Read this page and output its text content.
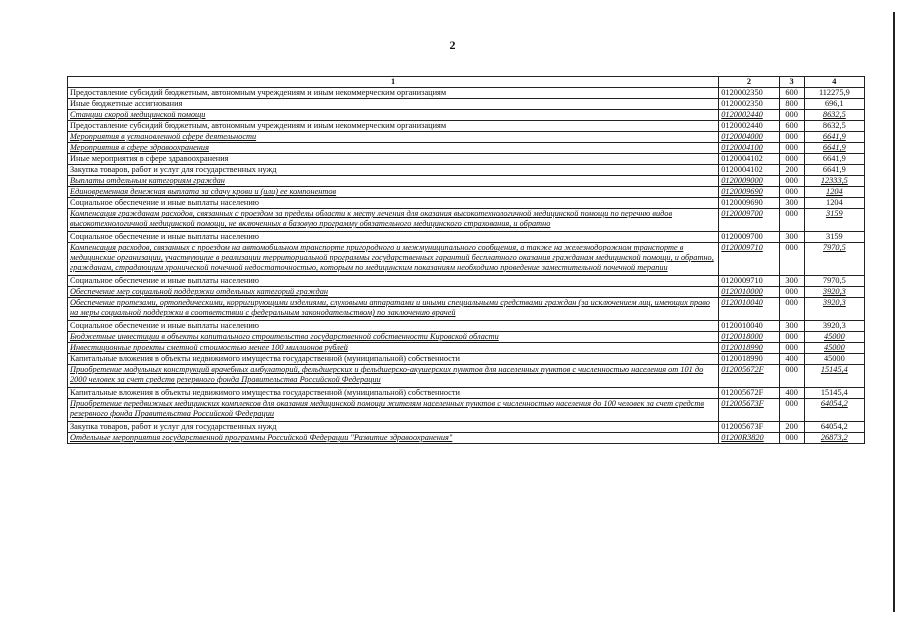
2
1	2	3	4
Предоставление субсидий бюджетным, автономным учреждениям и иным некоммерческим организациям	0120002350	600	112275,9
Иные бюджетные ассигнования	0120002350	800	696,1
Станции скорой медицинской помощи	0120002440	000	8632,5
Предоставление субсидий бюджетным, автономным учреждениям и иным некоммерческим организациям	0120002440	600	8632,5
Мероприятия в установленной сфере деятельности	0120004000	000	6641,9
Мероприятия в сфере здравоохранения	0120004100	000	6641,9
Иные мероприятия в сфере здравоохранения	0120004102	000	6641,9
Закупка товаров, работ и услуг для государственных нужд	0120004102	200	6641,9
Выплаты отдельным категориям граждан	0120009000	000	12333,5
Единовременная денежная выплата за сдачу крови и (или) ее компонентов	0120009690	000	1204
Социальное обеспечение и иные выплаты населению	0120009690	300	1204
Компенсация гражданам расходов, связанных с проездом за пределы области к месту лечения для оказания высокотехнологичной медицинской помощи по перечню видов высокотехнологичной медицинской помощи, не включенных в базовую программу обязательного медицинского страхования, и обратно	0120009700	000	3159
Социальное обеспечение и иные выплаты населению	0120009700	300	3159
Компенсация расходов, связанных с проездом на автомобильном транспорте пригородного и межмуниципального сообщения, а также на железнодорожном транспорте в медицинские организации, участвующие в реализации территориальной программы государственных гарантий бесплатного оказания гражданам медицинской помощи, и обратно, гражданам, страдающим хронической почечной недостаточностью, которым по медицинским показаниям необходимо проведение заместительной почечной терапии	0120009710	000	7970,5
Социальное обеспечение и иные выплаты населению	0120009710	300	7970,5
Обеспечение мер социальной поддержки отдельных категорий граждан	0120010000	000	3920,3
Обеспечение протезами, ортопедическими, корригирующими изделиями, слуховыми аппаратами и иными специальными средствами граждан (за исключением лиц, имеющих право на меры социальной поддержки в соответствии с федеральным законодательством) по заключению врачей	0120010040	000	3920,3
Социальное обеспечение и иные выплаты населению	0120010040	300	3920,3
Бюджетные инвестиции в объекты капитального строительства государственной собственности Кировской области	0120018000	000	45000
Инвестиционные проекты сметной стоимостью менее 100 миллионов рублей	0120018990	000	45000
Капитальные вложения в объекты недвижимого имущества государственной (муниципальной) собственности	0120018990	400	45000
Приобретение модульных конструкций врачебных амбулаторий, фельдшерских и фельдшерско-акушерских пунктов для населенных пунктов с численностью населения от 101 до 2000 человек за счет средств резервного фонда Правительства Российской Федерации	012005672F	000	15145,4
Капитальные вложения в объекты недвижимого имущества государственной (муниципальной) собственности	012005672F	400	15145,4
Приобретение передвижных медицинских комплексов для оказания медицинской помощи жителям населенных пунктов с численностью населения до 100 человек за счет средств резервного фонда Правительства Российской Федерации	012005673F	000	64054,2
Закупка товаров, работ и услуг для государственных нужд	012005673F	200	64054,2
Отдельные мероприятия государственной программы Российской Федерации "Развитие здравоохранения"	01200R3820	000	26873,2
